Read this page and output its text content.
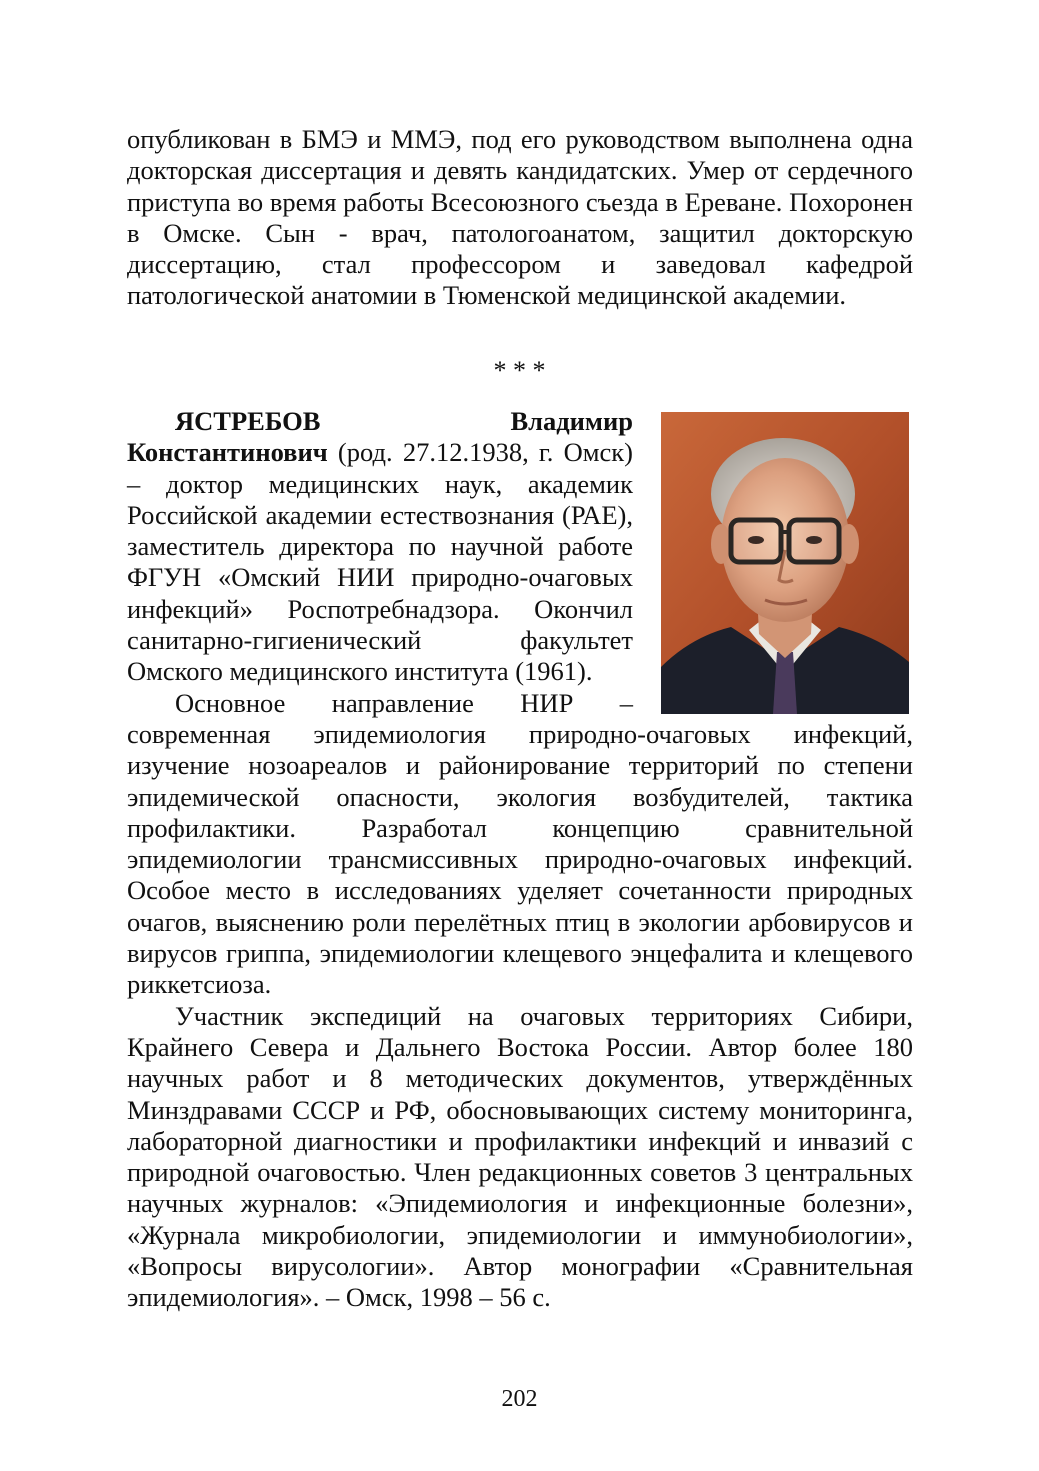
опубликован в БМЭ и ММЭ, под его руководством выполнена одна докторская диссертация и девять кандидатских. Умер от сердечного приступа во время работы Всесоюзного съезда в Ереване. Похоронен в Омске. Сын - врач, патологоанатом, защитил докторскую диссертацию, стал профессором и заведовал кафедрой патологической анатомии в Тюменской медицинской академии.

* * *

ЯСТРЕБОВ Владимир Константинович (род. 27.12.1938, г. Омск) – доктор медицинских наук, академик Российской академии естествознания (РАЕ), заместитель директора по научной работе ФГУН «Омский НИИ природно-очаговых инфекций» Роспотребнадзора. Окончил санитарно-гигиенический факультет Омского медицинского института (1961).

Основное направление НИР – современная эпидемиология природно-очаговых инфекций, изучение нозоареалов и районирование территорий по степени эпидемической опасности, экология возбудителей, тактика профилактики. Разработал концепцию сравнительной эпидемиологии трансмиссивных природно-очаговых инфекций. Особое место в исследованиях уделяет сочетанности природных очагов, выяснению роли перелётных птиц в экологии арбовирусов и вирусов гриппа, эпидемиологии клещевого энцефалита и клещевого риккетсиоза.

Участник экспедиций на очаговых территориях Сибири, Крайнего Севера и Дальнего Востока России. Автор более 180 научных работ и 8 методических документов, утверждённых Минздравами СССР и РФ, обосновывающих систему мониторинга, лабораторной диагностики и профилактики инфекций и инвазий с природной очаговостью. Член редакционных советов 3 центральных научных журналов: «Эпидемиология и инфекционные болезни», «Журнала микробиологии, эпидемиологии и иммунобиологии», «Вопросы вирусологии». Автор монографии «Сравнительная эпидемиология». – Омск, 1998 – 56 с.

202
